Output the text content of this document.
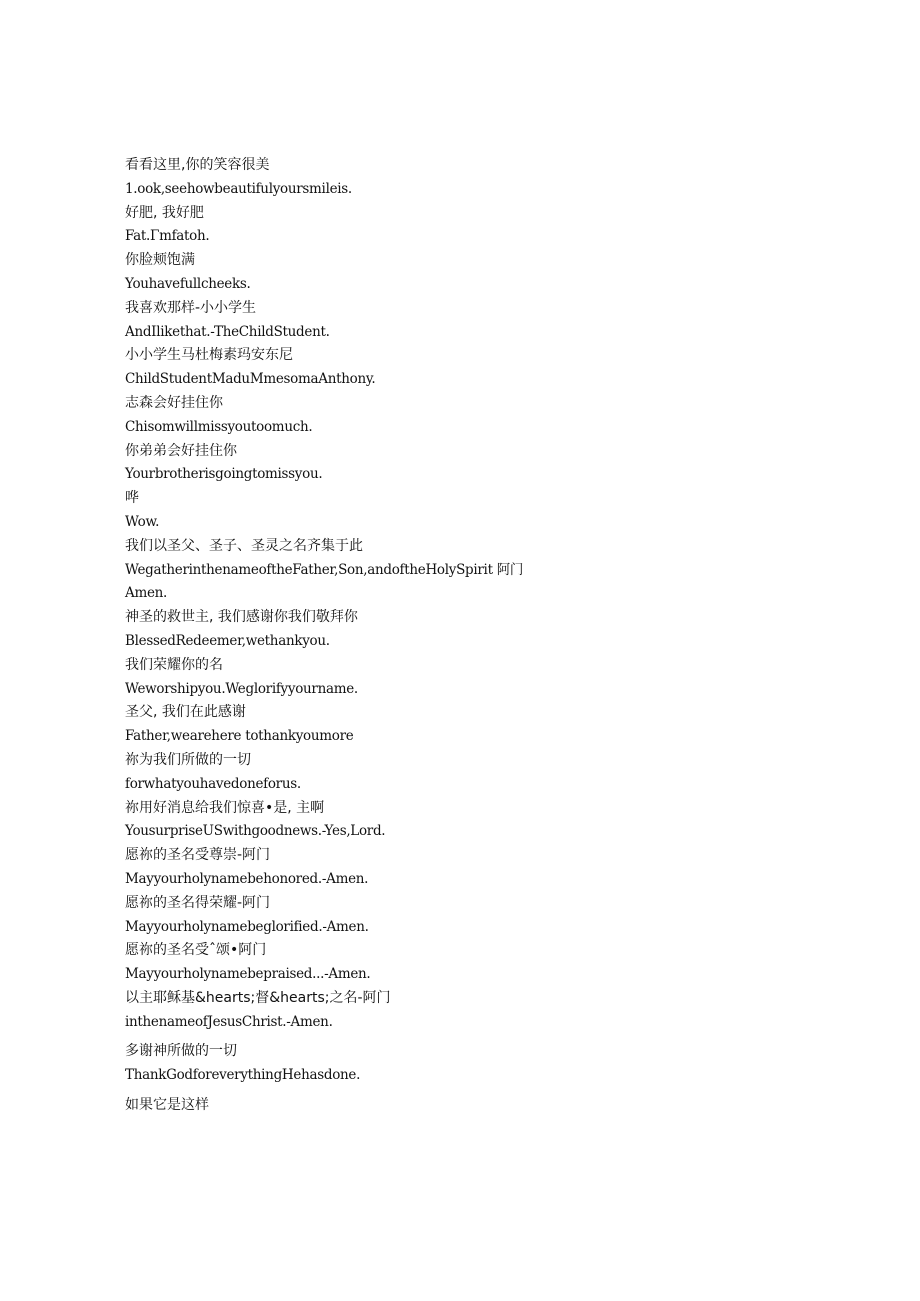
看看这里,你的笑容很美
1.ook,seehowbeautifulyoursmileis.
好肥, 我好肥
Fat.Γmfatoh.
你脸颊饱满
Youhavefullcheeks.
我喜欢那样-小小学生
AndIlikethat.-TheChildStudent.
小小学生马杜梅素玛安东尼
ChildStudentMaduMmesomaAnthony.
志森会好挂住你
Chisomwillmissyoutoomuch.
你弟弟会好挂住你
Yourbrotherisgoingtomissyou.
哗
Wow.
我们以圣父、圣子、圣灵之名齐集于此
WegatherinthenameoftheFather,Son,andoftheHolySpirit 阿门
Amen.
神圣的救世主, 我们感谢你我们敬拜你
BlessedRedeemer,wethankyou.
我们荣耀你的名
Weworshipyou.Weglorifyyourname.
圣父, 我们在此感谢
Father,wearehere tothankyoumore
祢为我们所做的一切
forwhatyouhavedoneforus.
祢用好消息给我们惊喜•是, 主啊
YousurpriseUSwithgoodnews.-Yes,Lord.
愿祢的圣名受尊崇-阿门
Mayyourholynamebehonored.-Amen.
愿祢的圣名得荣耀-阿门
Mayyourholynamebeglorified.-Amen.
愿祢的圣名受ˆ颂•阿门
Mayyourholynamebepraised...-Amen.
以主耶稣基&hearts;督&hearts;之名-阿门
inthenameofJesusChrist.-Amen.
多谢神所做的一切
ThankGodforeverythingHehasdone.
如果它是这样
